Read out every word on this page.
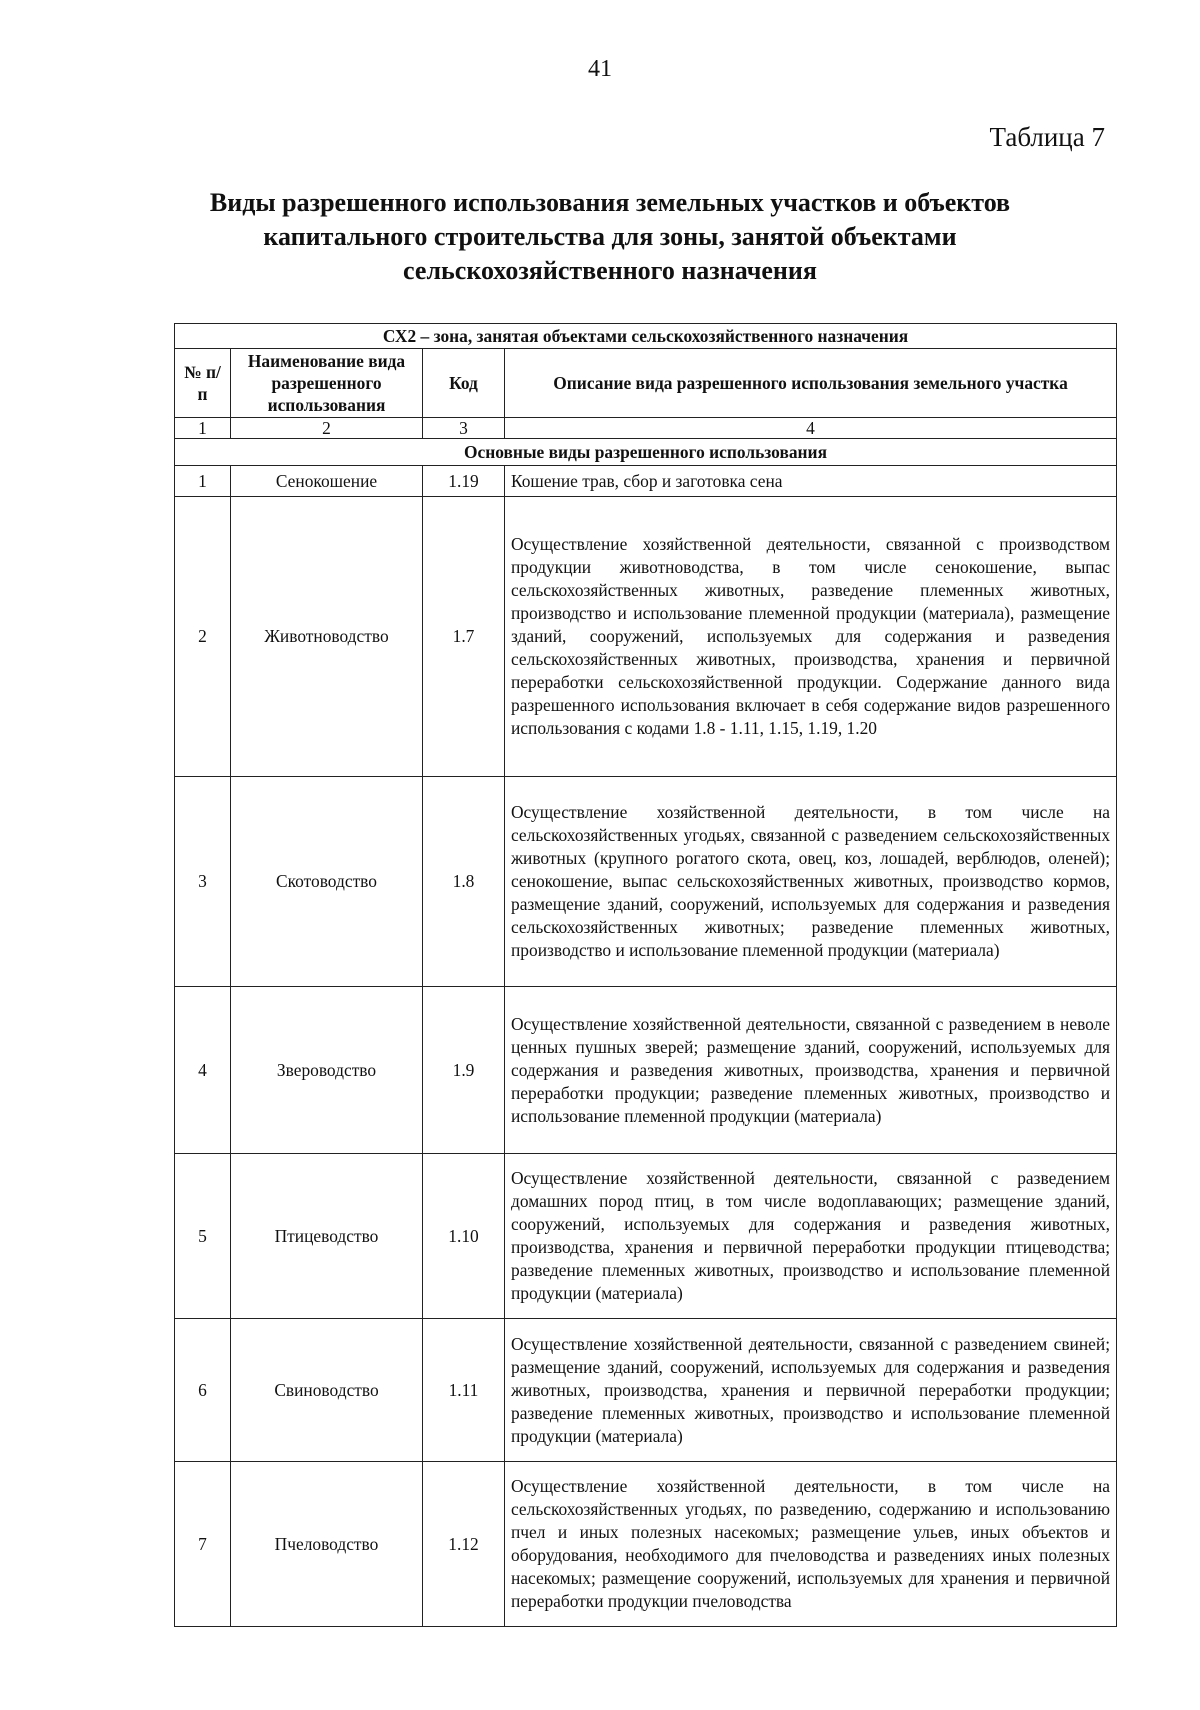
41
Таблица 7
Виды разрешенного использования земельных участков и объектов
капитального строительства для зоны, занятой объектами
сельскохозяйственного назначения
СХ2 – зона, занятая объектами сельскохозяйственного назначения			
№ п/п	Наименование вида разрешенного использования	Код	Описание вида разрешенного использования земельного участка
1	2	3	4
Основные виды разрешенного использования			
1	Сенокошение	1.19	Кошение трав, сбор и заготовка сена
2	Животноводство	1.7	Осуществление хозяйственной деятельности, связанной с производством продукции животноводства, в том числе сенокошение, выпас сельскохозяйственных животных, разведение племенных животных, производство и использование племенной продукции (материала), размещение зданий, сооружений, используемых для содержания и разведения сельскохозяйственных животных, производства, хранения и первичной переработки сельскохозяйственной продукции. Содержание данного вида разрешенного использования включает в себя содержание видов разрешенного использования с кодами 1.8 - 1.11, 1.15, 1.19, 1.20
3	Скотоводство	1.8	Осуществление хозяйственной деятельности, в том числе на сельскохозяйственных угодьях, связанной с разведением сельскохозяйственных животных (крупного рогатого скота, овец, коз, лошадей, верблюдов, оленей); сенокошение, выпас сельскохозяйственных животных, производство кормов, размещение зданий, сооружений, используемых для содержания и разведения сельскохозяйственных животных; разведение племенных животных, производство и использование племенной продукции (материала)
4	Звероводство	1.9	Осуществление хозяйственной деятельности, связанной с разведением в неволе ценных пушных зверей; размещение зданий, сооружений, используемых для содержания и разведения животных, производства, хранения и первичной переработки продукции; разведение племенных животных, производство и использование племенной продукции (материала)
5	Птицеводство	1.10	Осуществление хозяйственной деятельности, связанной с разведением домашних пород птиц, в том числе водоплавающих; размещение зданий, сооружений, используемых для содержания и разведения животных, производства, хранения и первичной переработки продукции птицеводства; разведение племенных животных, производство и использование племенной продукции (материала)
6	Свиноводство	1.11	Осуществление хозяйственной деятельности, связанной с разведением свиней; размещение зданий, сооружений, используемых для содержания и разведения животных, производства, хранения и первичной переработки продукции; разведение племенных животных, производство и использование племенной продукции (материала)
7	Пчеловодство	1.12	Осуществление хозяйственной деятельности, в том числе на сельскохозяйственных угодьях, по разведению, содержанию и использованию пчел и иных полезных насекомых; размещение ульев, иных объектов и оборудования, необходимого для пчеловодства и разведениях иных полезных насекомых; размещение сооружений, используемых для хранения и первичной переработки продукции пчеловодства
